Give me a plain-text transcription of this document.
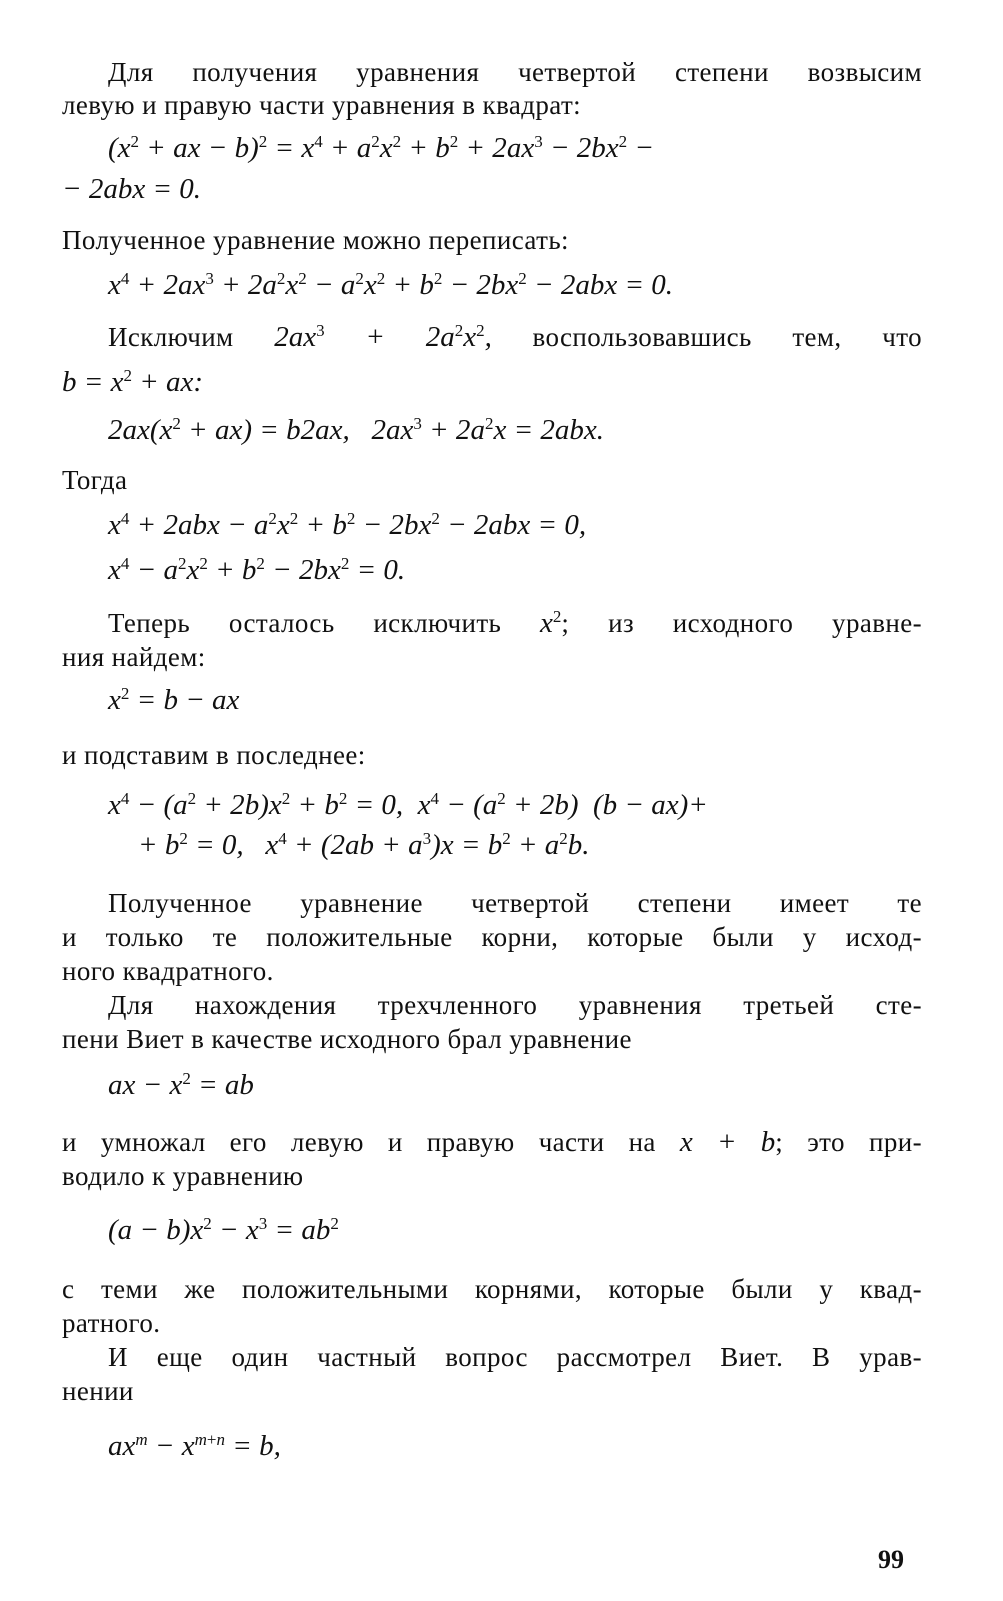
Для получения уравнения четвертой степени возвысим
левую и правую части уравнения в квадрат:
($x^2$ + ax − $b)^2 = x^4 + a^2x^2 + b^2 + 2ax^3 - 2bx^2$ −
− 2abx = 0.
Полученное уравнение можно переписать:
$x^4 + 2ax^3 + 2a^2x^2 - a^2x^2 + b^2 - 2bx^2 - 2abx = 0$.
Исключим $2ax^3 + 2a^2x^2$, воспользовавшись тем, что
$b = x^2$ + ax:
$2ax(x^2 + ax) = b2ax$,   $2ax^3 + 2a^2x = 2abx$.
Тогда
$x^4 + 2abx - a^2x^2 + b^2 - 2bx^2 - 2abx = 0$,
$x^4 - a^2x^2 + b^2 - 2bx^2 = 0$.
Теперь осталось исключить $x^2$; из исходного уравне-
ния найдем:
$x^2 = b$ − ax
и подставим в последнее:
$x^4 - (a^2 + 2b)x^2 + b^2 = 0$,  $x^4 - (a^2 + 2b) (b - ax)+$
+ $b^2 = 0$,   $x^4 + (2ab + a^3)x = b^2 + a^2b$.
Полученное уравнение четвертой степени имеет те
и только те положительные корни, которые были у исход-
ного квадратного.
Для нахождения трехчленного уравнения третьей сте-
пени Виет в качестве исходного брал уравнение
ax − $x^2$ = ab
и умножал его левую и правую части на x + b; это при-
водило к уравнению
$(a - b)x^2 - x^3 = ab^2$
с теми же положительными корнями, которые были у квад-
ратного.
И еще один частный вопрос рассмотрел Виет. В урав-
нении
$ax^m - x^{m+n} = b$,
99
